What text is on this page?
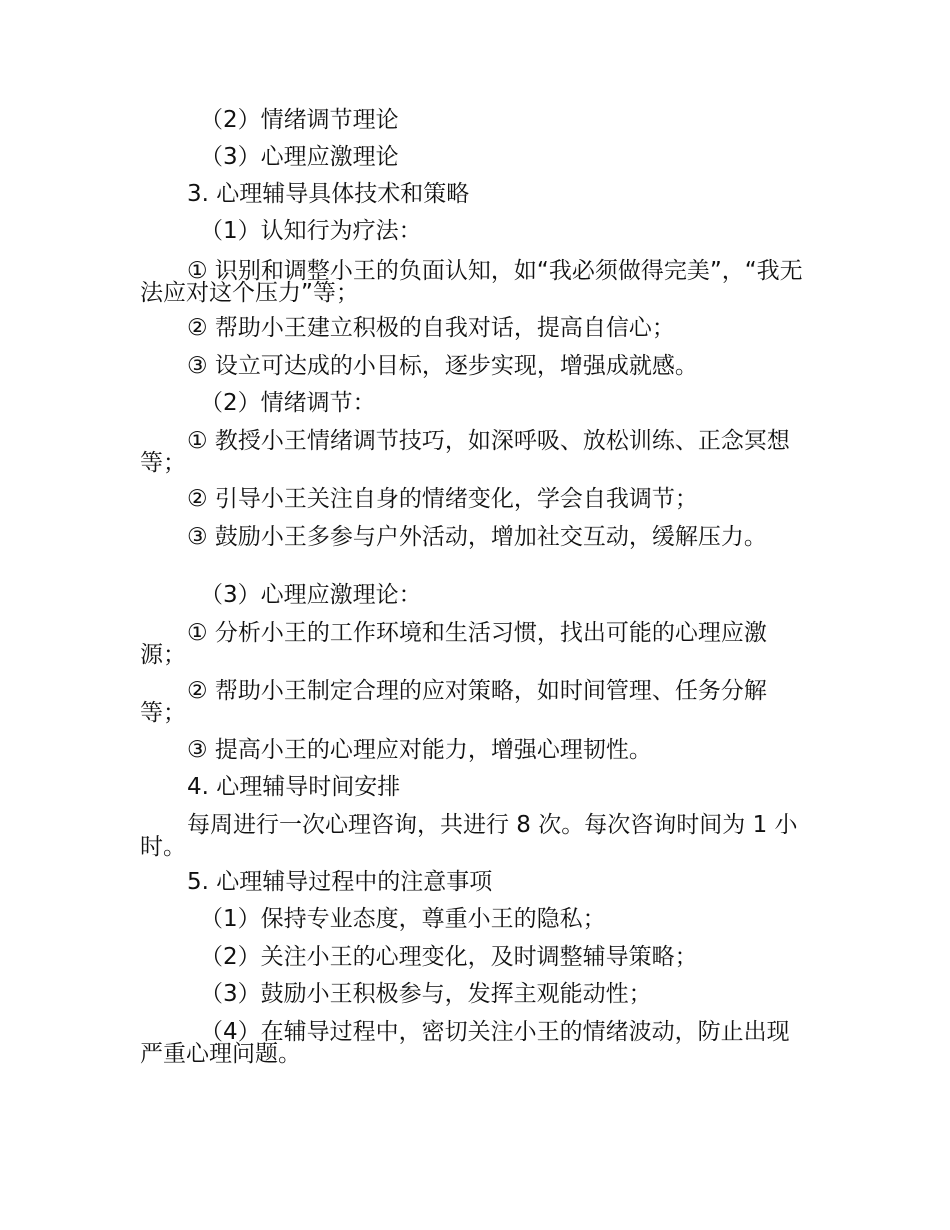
（2）情绪调节理论
（3）心理应激理论
3. 心理辅导具体技术和策略
（1）认知行为疗法：
① 识别和调整小王的负面认知，如“我必须做得完美”，“我无法应对这个压力”等；
② 帮助小王建立积极的自我对话，提高自信心；
③ 设立可达成的小目标，逐步实现，增强成就感。
（2）情绪调节：
① 教授小王情绪调节技巧，如深呼吸、放松训练、正念冥想等；
② 引导小王关注自身的情绪变化，学会自我调节；
③ 鼓励小王多参与户外活动，增加社交互动，缓解压力。
（3）心理应激理论：
① 分析小王的工作环境和生活习惯，找出可能的心理应激源；
② 帮助小王制定合理的应对策略，如时间管理、任务分解等；
③ 提高小王的心理应对能力，增强心理韧性。
4. 心理辅导时间安排
每周进行一次心理咨询，共进行 8 次。每次咨询时间为 1 小时。
5. 心理辅导过程中的注意事项
（1）保持专业态度，尊重小王的隐私；
（2）关注小王的心理变化，及时调整辅导策略；
（3）鼓励小王积极参与，发挥主观能动性；
（4）在辅导过程中，密切关注小王的情绪波动，防止出现严重心理问题。
